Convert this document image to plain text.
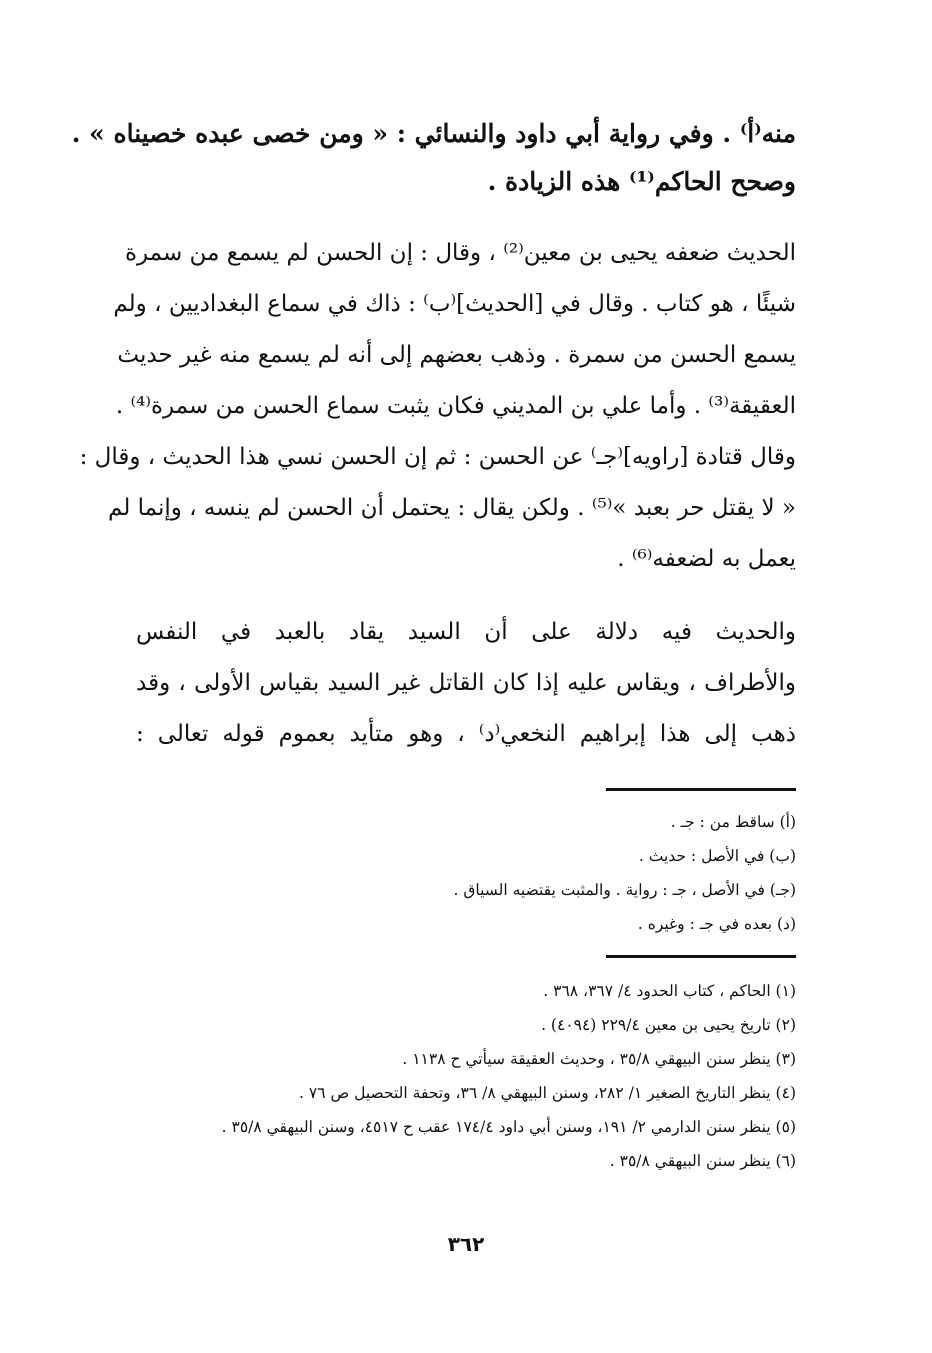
منه⁽أ⁾ . وفي رواية أبي داود والنسائي : « ومن خصى عبده خصيناه » .
وصحح الحاكم⁽¹⁾ هذه الزيادة .
الحديث ضعفه يحيى بن معين⁽²⁾ ، وقال : إن الحسن لم يسمع من سمرة
شيئًا ، هو كتاب . وقال في [الحديث]⁽ب⁾ : ذاك في سماع البغداديين ، ولم
يسمع الحسن من سمرة . وذهب بعضهم إلى أنه لم يسمع منه غير حديث
العقيقة⁽³⁾ . وأما علي بن المديني فكان يثبت سماع الحسن من سمرة⁽⁴⁾ .
وقال قتادة [راويه]⁽جـ⁾ عن الحسن : ثم إن الحسن نسي هذا الحديث ، وقال :
« لا يقتل حر بعبد »⁽⁵⁾ . ولكن يقال : يحتمل أن الحسن لم ينسه ، وإنما لم
يعمل به لضعفه⁽⁶⁾ .
والحديث فيه دلالة على أن السيد يقاد بالعبد في النفس
والأطراف ، ويقاس عليه إذا كان القاتل غير السيد بقياس الأولى ، وقد
ذهب إلى هذا إبراهيم النخعي⁽د⁾ ، وهو متأيد بعموم قوله تعالى :
(أ) ساقط من : جـ .
(ب) في الأصل : حديث .
(جـ) في الأصل ، جـ : رواية . والمثبت يقتضيه السياق .
(د) بعده في جـ : وغيره .
(١) الحاكم ، كتاب الحدود ٤/ ٣٦٧، ٣٦٨ .
(٢) تاريخ يحيى بن معين ٢٢٩/٤ (٤٠٩٤) .
(٣) ينظر سنن البيهقي ٣٥/٨ ، وحديث العقيقة سيأتي ح ١١٣٨ .
(٤) ينظر التاريخ الصغير ١/ ٢٨٢، وسنن البيهقي ٨/ ٣٦، وتحفة التحصيل ص ٧٦ .
(٥) ينظر سنن الدارمي ٢/ ١٩١، وسنن أبي داود ١٧٤/٤ عقب ح ٤٥١٧، وسنن البيهقي ٣٥/٨ .
(٦) ينظر سنن البيهقي ٣٥/٨ .
٣٦٢
